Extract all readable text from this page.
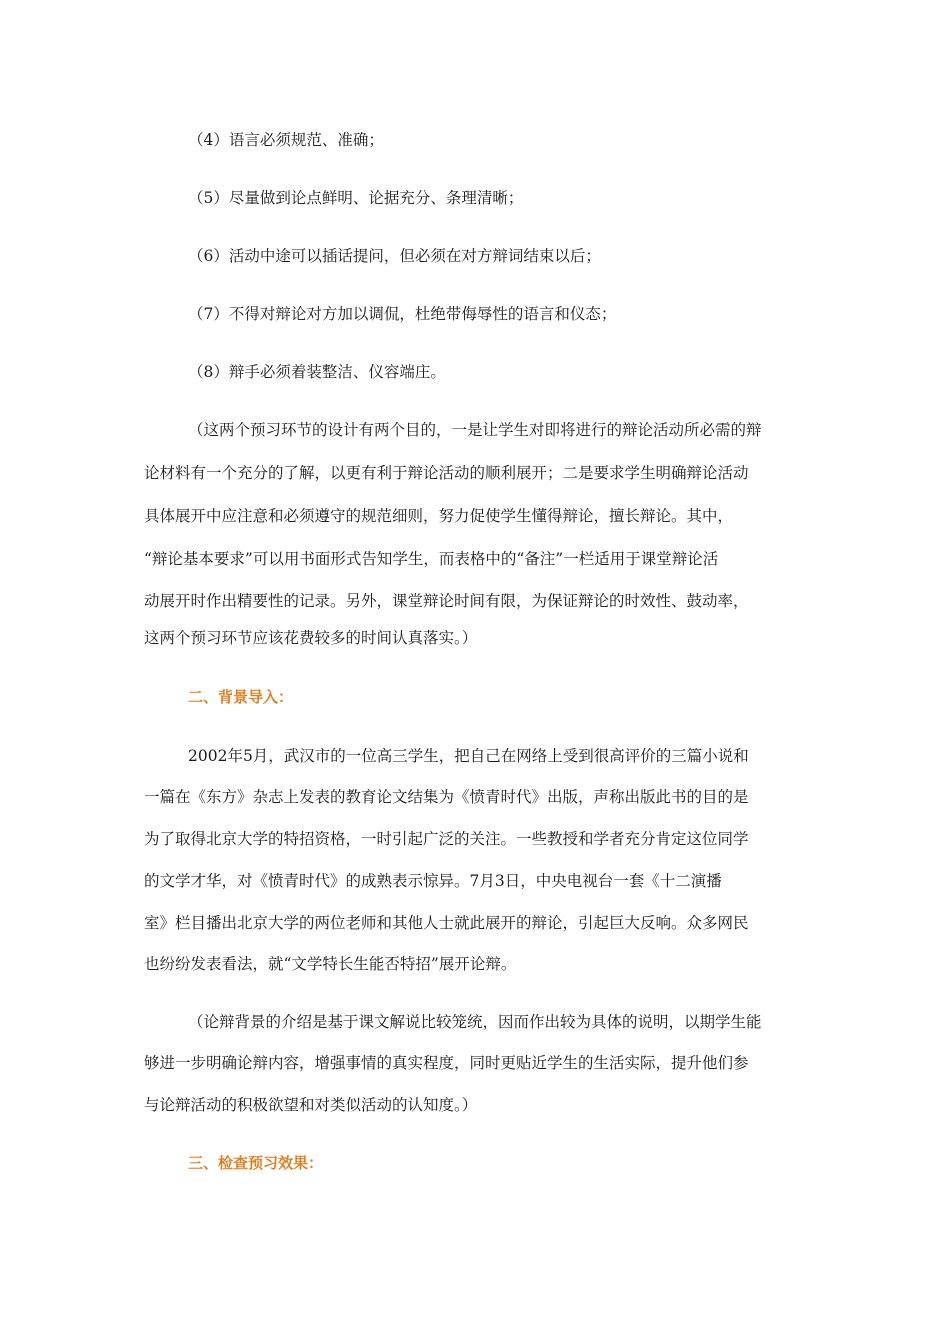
（4）语言必须规范、准确；
（5）尽量做到论点鲜明、论据充分、条理清晰；
（6）活动中途可以插话提问，但必须在对方辩词结束以后；
（7）不得对辩论对方加以调侃，杜绝带侮辱性的语言和仪态；
（8）辩手必须着装整洁、仪容端庄。
（这两个预习环节的设计有两个目的，一是让学生对即将进行的辩论活动所必需的辩
论材料有一个充分的了解，以更有利于辩论活动的顺利展开；二是要求学生明确辩论活动
具体展开中应注意和必须遵守的规范细则，努力促使学生懂得辩论，擅长辩论。其中，
“辩论基本要求”可以用书面形式告知学生，而表格中的“备注”一栏适用于课堂辩论活
动展开时作出精要性的记录。另外，课堂辩论时间有限，为保证辩论的时效性、鼓动率，
这两个预习环节应该花费较多的时间认真落实。）
二、背景导入：
2002年5月，武汉市的一位高三学生，把自己在网络上受到很高评价的三篇小说和
一篇在《东方》杂志上发表的教育论文结集为《愤青时代》出版，声称出版此书的目的是
为了取得北京大学的特招资格，一时引起广泛的关注。一些教授和学者充分肯定这位同学
的文学才华，对《愤青时代》的成熟表示惊异。7月3日，中央电视台一套《十二演播
室》栏目播出北京大学的两位老师和其他人士就此展开的辩论，引起巨大反响。众多网民
也纷纷发表看法，就“文学特长生能否特招”展开论辩。
（论辩背景的介绍是基于课文解说比较笼统，因而作出较为具体的说明，以期学生能
够进一步明确论辩内容，增强事情的真实程度，同时更贴近学生的生活实际，提升他们参
与论辩活动的积极欲望和对类似活动的认知度。）
三、检查预习效果：
